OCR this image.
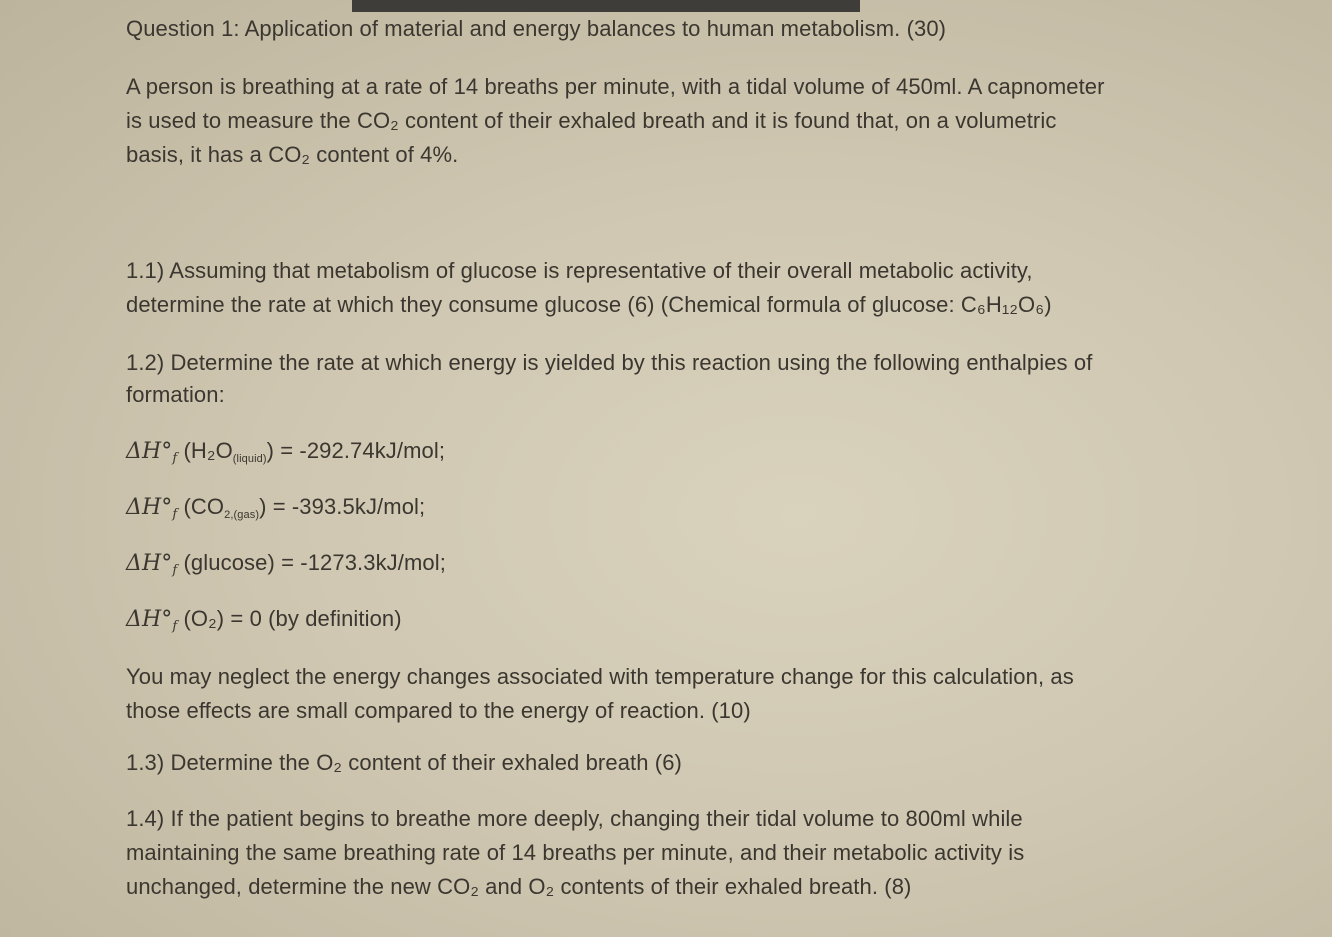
Question 1: Application of material and energy balances to human metabolism. (30)
A person is breathing at a rate of 14 breaths per minute, with a tidal volume of 450ml. A capnometer
is used to measure the CO₂ content of their exhaled breath and it is found that, on a volumetric
basis, it has a CO₂ content of 4%.
1.1) Assuming that metabolism of glucose is representative of their overall metabolic activity,
determine the rate at which they consume glucose (6) (Chemical formula of glucose: C₆H₁₂O₆)
1.2) Determine the rate at which energy is yielded by this reaction using the following enthalpies of
formation:
$\Delta H^\circ_f$ $(H_2O_{(liquid)}) = -292.74kJ/mol$;
$\Delta H^\circ_f$ $(CO_{2,(gas)}) = -393.5kJ/mol$;
$\Delta H^\circ_f$ (glucose) = -1273.3kJ/mol;
$\Delta H^\circ_f$ (O₂) = 0 (by definition)
You may neglect the energy changes associated with temperature change for this calculation, as
those effects are small compared to the energy of reaction. (10)
1.3) Determine the O₂ content of their exhaled breath (6)
1.4) If the patient begins to breathe more deeply, changing their tidal volume to 800ml while
maintaining the same breathing rate of 14 breaths per minute, and their metabolic activity is
unchanged, determine the new CO₂ and O₂ contents of their exhaled breath. (8)
